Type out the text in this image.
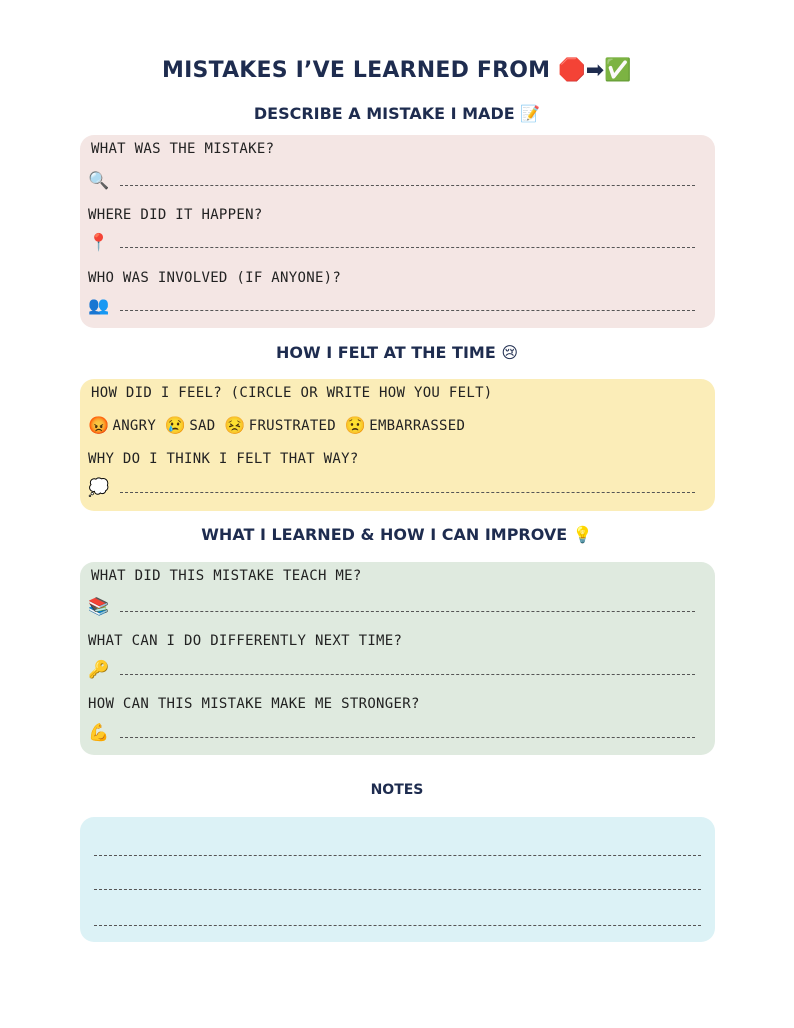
MISTAKES I’VE LEARNED FROM 🛑➡✅
DESCRIBE A MISTAKE I MADE 📝
WHAT WAS THE MISTAKE?
🔍
WHERE DID IT HAPPEN?
📍
WHO WAS INVOLVED (IF ANYONE)?
👥
HOW I FELT AT THE TIME 😢
HOW DID I FEEL? (CIRCLE OR WRITE HOW YOU FELT)
😡 ANGRY 😢 SAD 😣 FRUSTRATED 😟 EMBARRASSED
WHY DO I THINK I FELT THAT WAY?
💭
WHAT I LEARNED & HOW I CAN IMPROVE 💡
WHAT DID THIS MISTAKE TEACH ME?
📚
WHAT CAN I DO DIFFERENTLY NEXT TIME?
🔑
HOW CAN THIS MISTAKE MAKE ME STRONGER?
💪
NOTES
